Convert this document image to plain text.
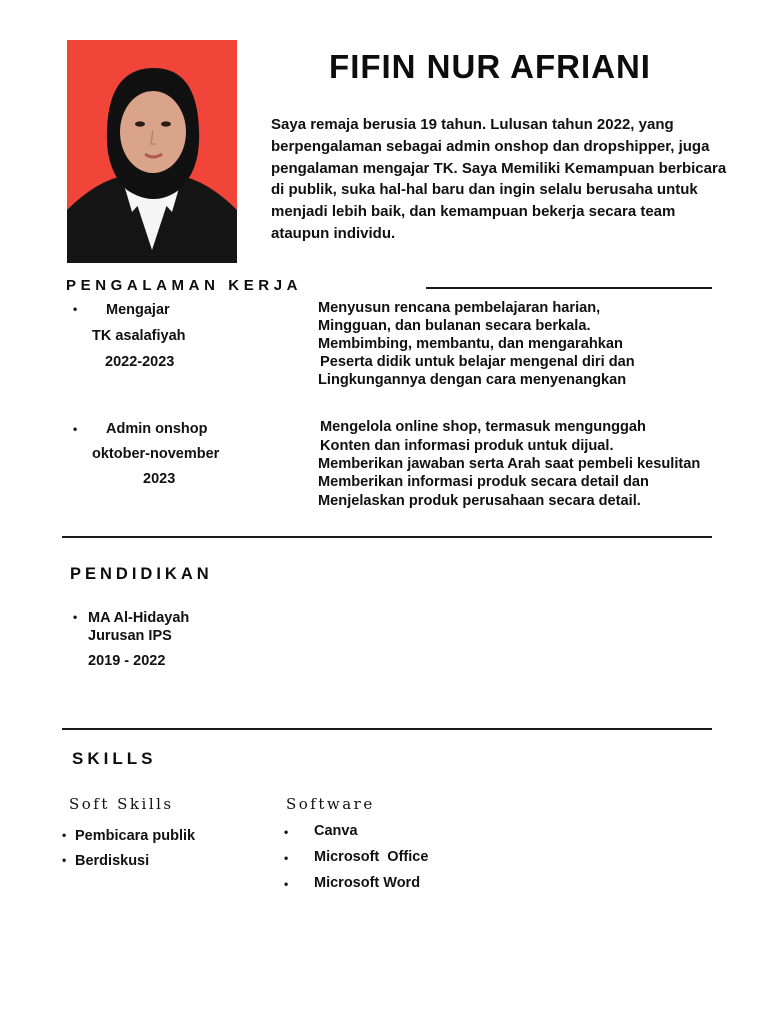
FIFIN NUR AFRIANI
Saya remaja berusia 19 tahun. Lulusan tahun 2022, yang
berpengalaman sebagai admin onshop dan dropshipper, juga
pengalaman mengajar TK. Saya Memiliki Kemampuan berbicara
di publik, suka hal-hal baru dan ingin selalu berusaha untuk
menjadi lebih baik, dan kemampuan bekerja secara team
ataupun individu.
PENGALAMAN KERJA
• Mengajar
TK asalafiyah
2022-2023
Menyusun rencana pembelajaran harian,
Mingguan, dan bulanan secara berkala.
Membimbing, membantu, dan mengarahkan
Peserta didik untuk belajar mengenal diri dan
Lingkungannya dengan cara menyenangkan
• Admin onshop
oktober-november
2023
Mengelola online shop, termasuk mengunggah
Konten dan informasi produk untuk dijual.
Memberikan jawaban serta Arah saat pembeli kesulitan
Memberikan informasi produk secara detail dan
Menjelaskan produk perusahaan secara detail.
PENDIDIKAN
• MA Al-Hidayah
Jurusan IPS
2019 - 2022
SKILLS
Soft Skills
• Pembicara publik
• Berdiskusi
Software
• Canva
• Microsoft  Office
• Microsoft Word
